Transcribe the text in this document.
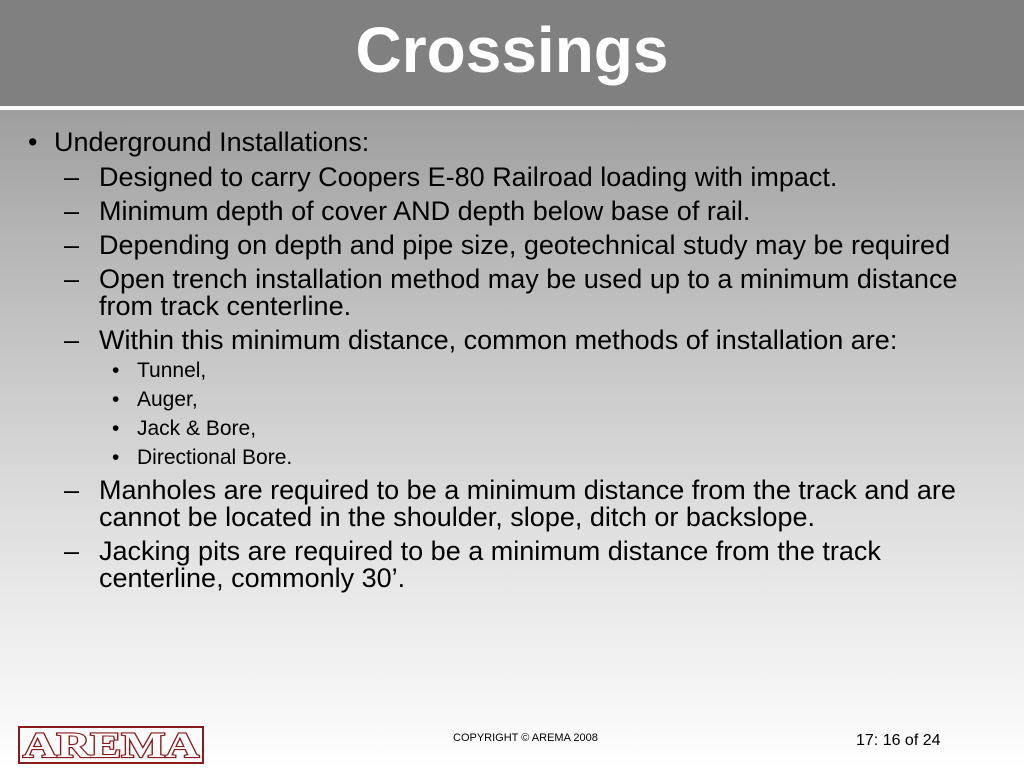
Crossings
• Underground Installations:
– Designed to carry Coopers E-80 Railroad loading with impact.
– Minimum depth of cover AND depth below base of rail.
– Depending on depth and pipe size, geotechnical study may be required
– Open trench installation method may be used up to a minimum distance from track centerline.
– Within this minimum distance, common methods of installation are:
• Tunnel,
• Auger,
• Jack & Bore,
• Directional Bore.
– Manholes are required to be a minimum distance from the track and are cannot be located in the shoulder, slope, ditch or backslope.
– Jacking pits are required to be a minimum distance from the track centerline, commonly 30’.
AREMA	COPYRIGHT © AREMA 2008	17: 16 of 24
